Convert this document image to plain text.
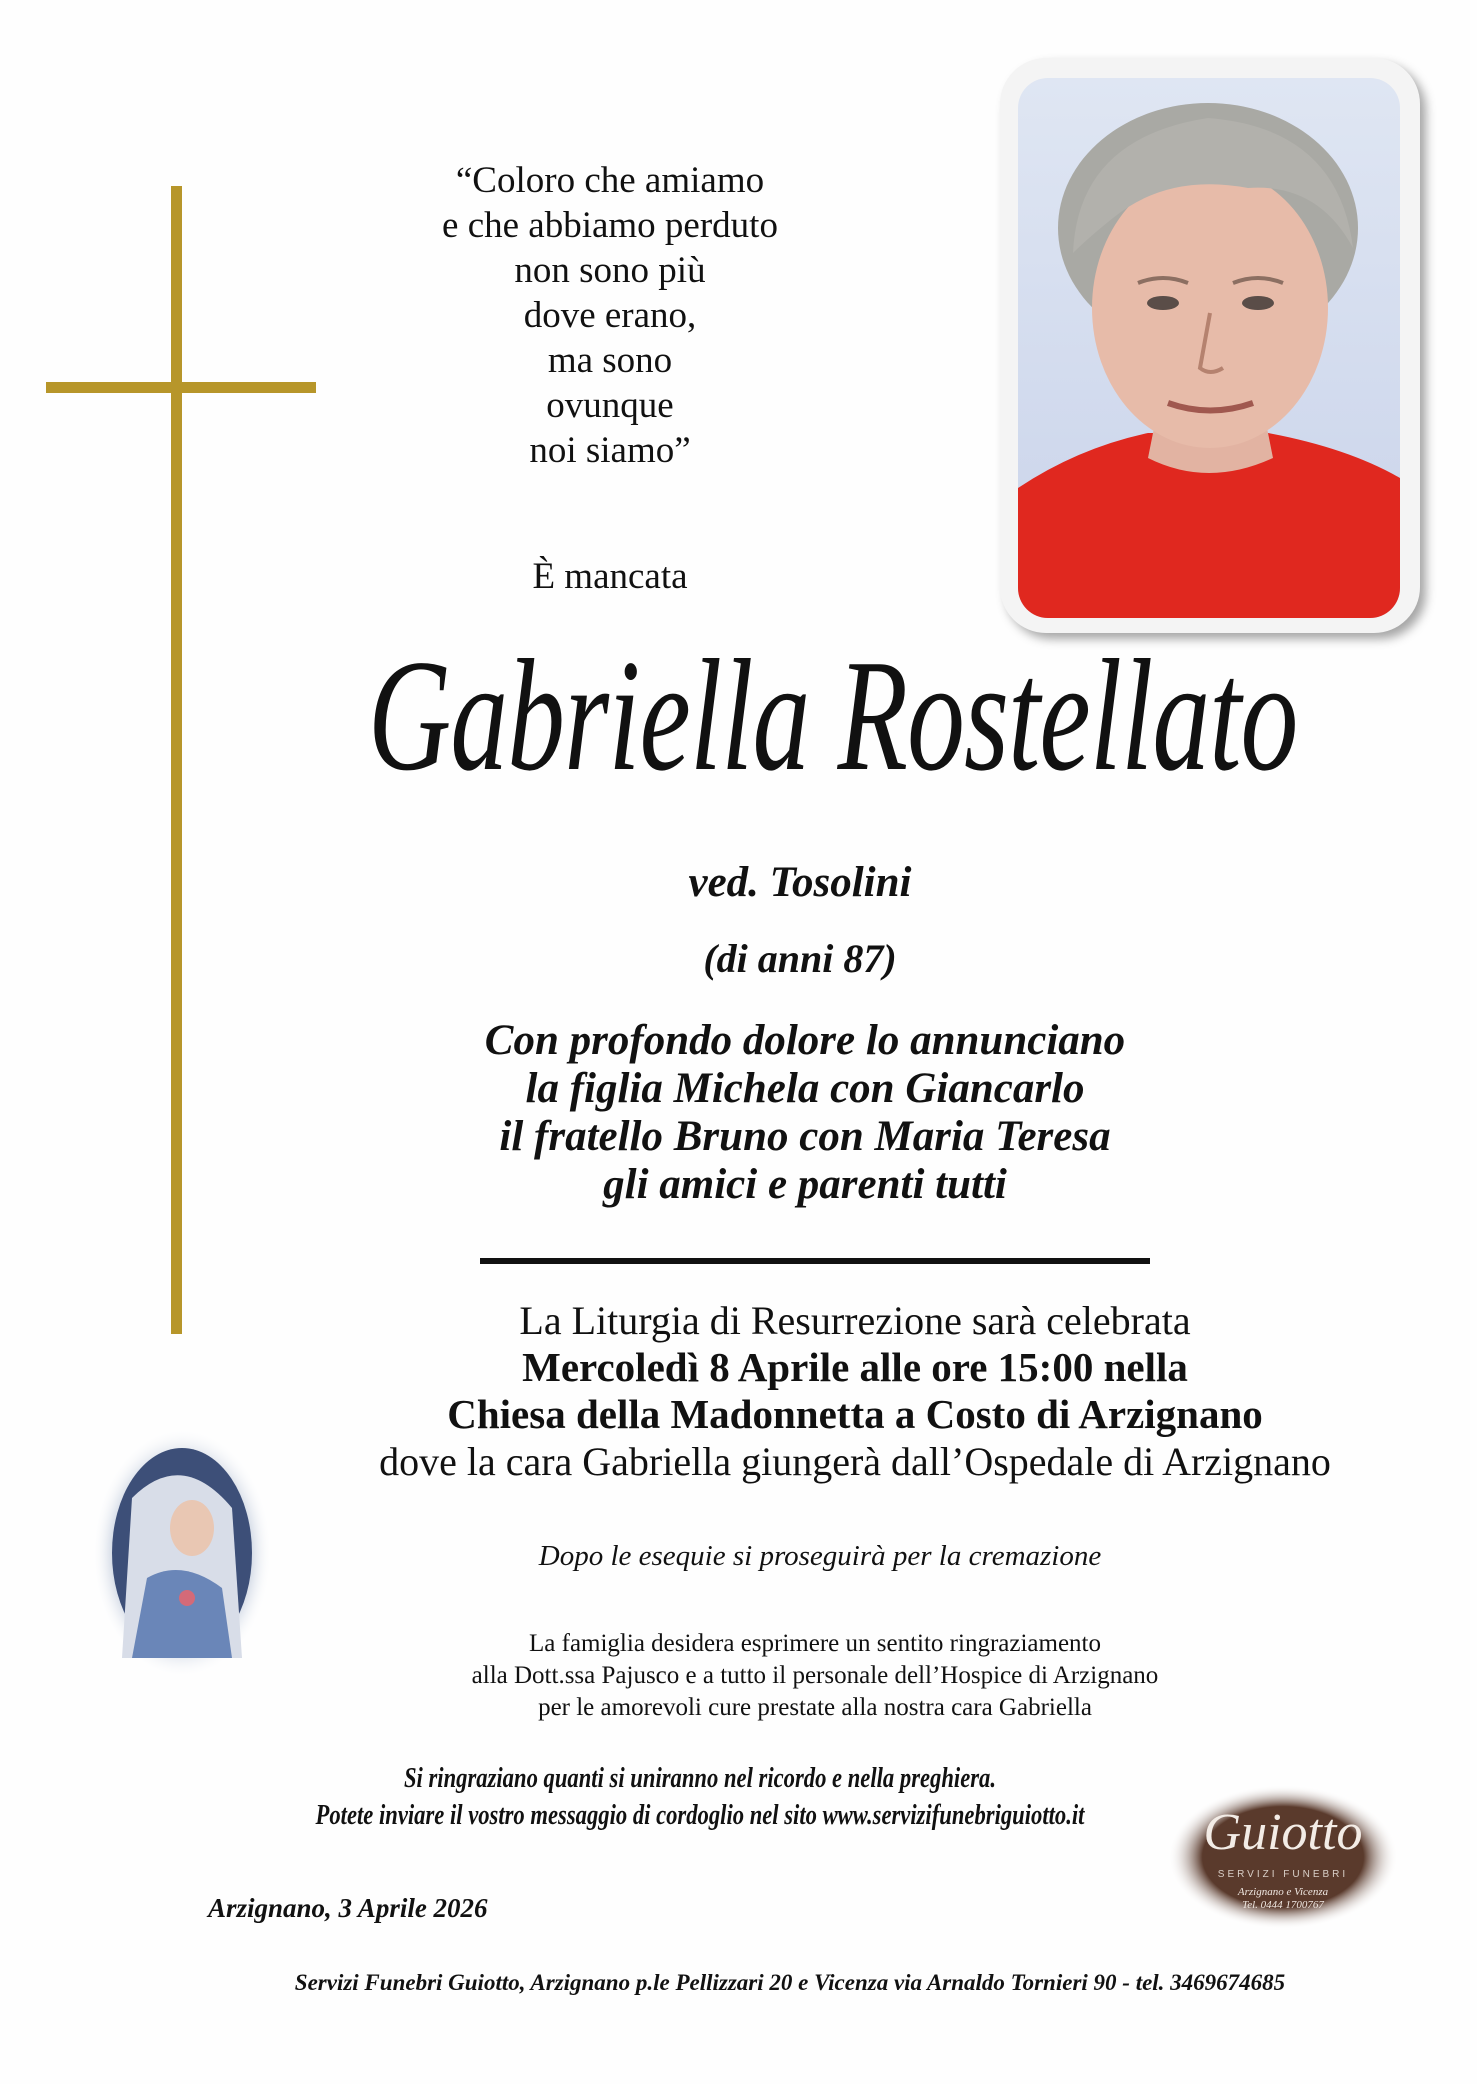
“Coloro che amiamo
e che abbiamo perduto
non sono più
dove erano,
ma sono
ovunque
noi siamo”
È mancata
Gabriella Rostellato
ved. Tosolini
(di anni 87)
Con profondo dolore lo annunciano
la figlia Michela con Giancarlo
il fratello Bruno con Maria Teresa
gli amici e parenti tutti
La Liturgia di Resurrezione sarà celebrata
Mercoledì 8 Aprile alle ore 15:00 nella
Chiesa della Madonnetta a Costo di Arzignano
dove la cara Gabriella giungerà dall’Ospedale di Arzignano
Dopo le esequie si proseguirà per la cremazione
La famiglia desidera esprimere un sentito ringraziamento
alla Dott.ssa Pajusco e a tutto il personale dell’Hospice di Arzignano
per le amorevoli cure prestate alla nostra cara Gabriella
Si ringraziano quanti si uniranno nel ricordo e nella preghiera.
Potete inviare il vostro messaggio di cordoglio nel sito www.servizifunebriguiotto.it	Guiotto
SERVIZI FUNEBRI
Arzignano e Vicenza
Tel. 0444 1700767
Arzignano, 3 Aprile 2026
Servizi Funebri Guiotto, Arzignano p.le Pellizzari 20 e Vicenza via Arnaldo Tornieri 90 - tel. 3469674685
